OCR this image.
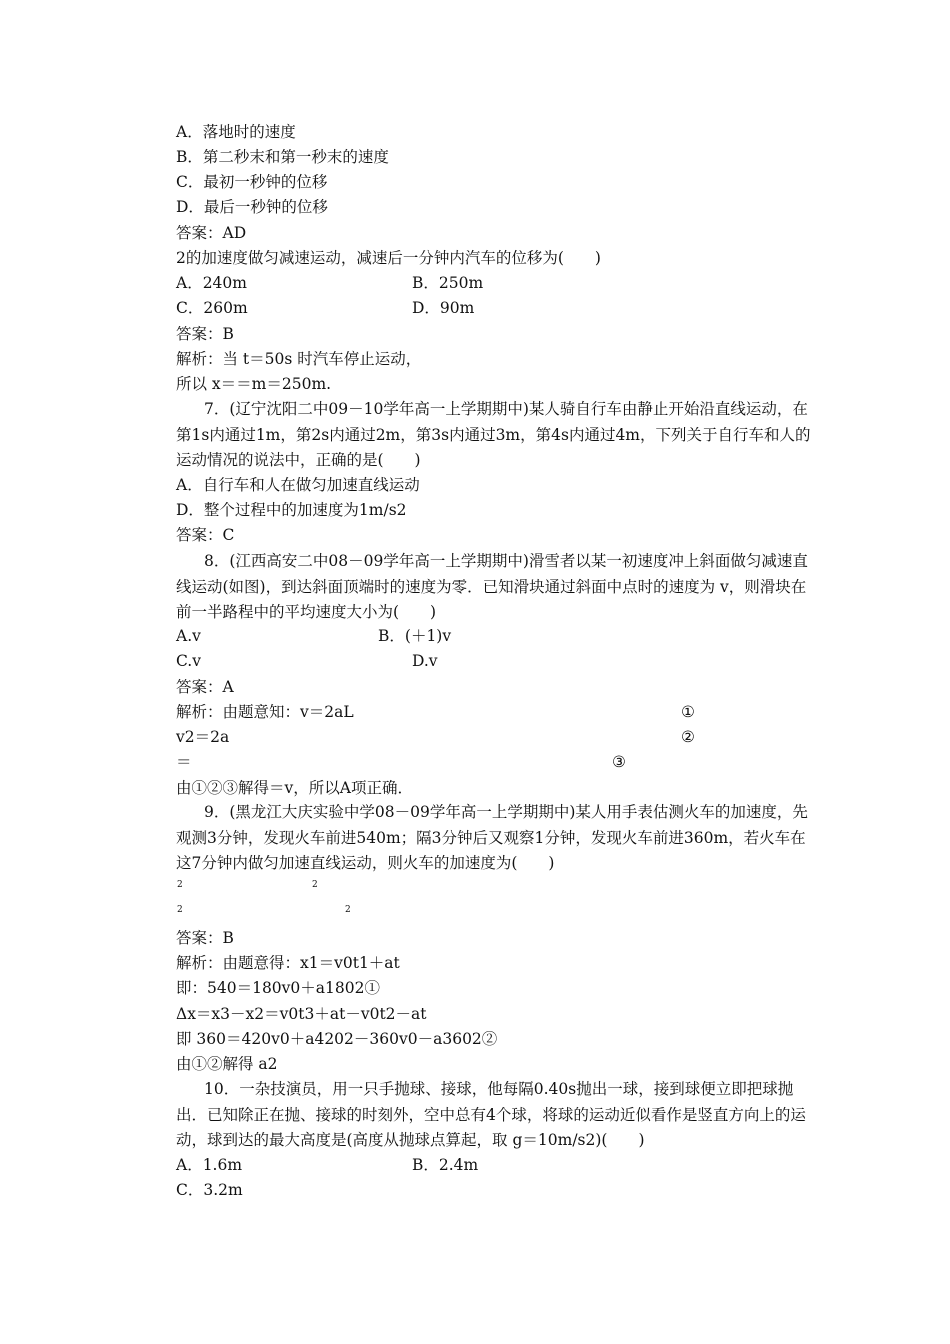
A．落地时的速度
B．第二秒末和第一秒末的速度
C．最初一秒钟的位移
D．最后一秒钟的位移
答案：AD
2的加速度做匀减速运动，减速后一分钟内汽车的位移为(　　)
A．240m	B．250m
C．260m	D．90m
答案：B
解析：当 t＝50s 时汽车停止运动，
所以 x＝＝m＝250m.
7．(辽宁沈阳二中09－10学年高一上学期期中)某人骑自行车由静止开始沿直线运动，在第1s内通过1m，第2s内通过2m，第3s内通过3m，第4s内通过4m，下列关于自行车和人的运动情况的说法中，正确的是(　　)
A．自行车和人在做匀加速直线运动
D．整个过程中的加速度为1m/s2
答案：C
8．(江西高安二中08－09学年高一上学期期中)滑雪者以某一初速度冲上斜面做匀减速直线运动(如图)，到达斜面顶端时的速度为零．已知滑块通过斜面中点时的速度为 v，则滑块在前一半路程中的平均速度大小为(　　)
A.v	B．(＋1)v
C.v	D.v
答案：A
解析：由题意知：v＝2aL	①
v2＝2a	②
＝	③
由①②③解得＝v，所以A项正确．
9．(黑龙江大庆实验中学08－09学年高一上学期期中)某人用手表估测火车的加速度，先观测3分钟，发现火车前进540m；隔3分钟后又观察1分钟，发现火车前进360m，若火车在这7分钟内做匀加速直线运动，则火车的加速度为(　　)
2	2
2	2
答案：B
解析：由题意得：x1＝v0t1＋at
即：540＝180v0＋a1802①
Δx＝x3－x2＝v0t3＋at－v0t2－at
即 360＝420v0＋a4202－360v0－a3602②
由①②解得 a2
10．一杂技演员，用一只手抛球、接球，他每隔0.40s抛出一球，接到球便立即把球抛出．已知除正在抛、接球的时刻外，空中总有4个球，将球的运动近似看作是竖直方向上的运动，球到达的最大高度是(高度从抛球点算起，取 g＝10m/s2)(　　)
A．1.6m	B．2.4m
C．3.2m
